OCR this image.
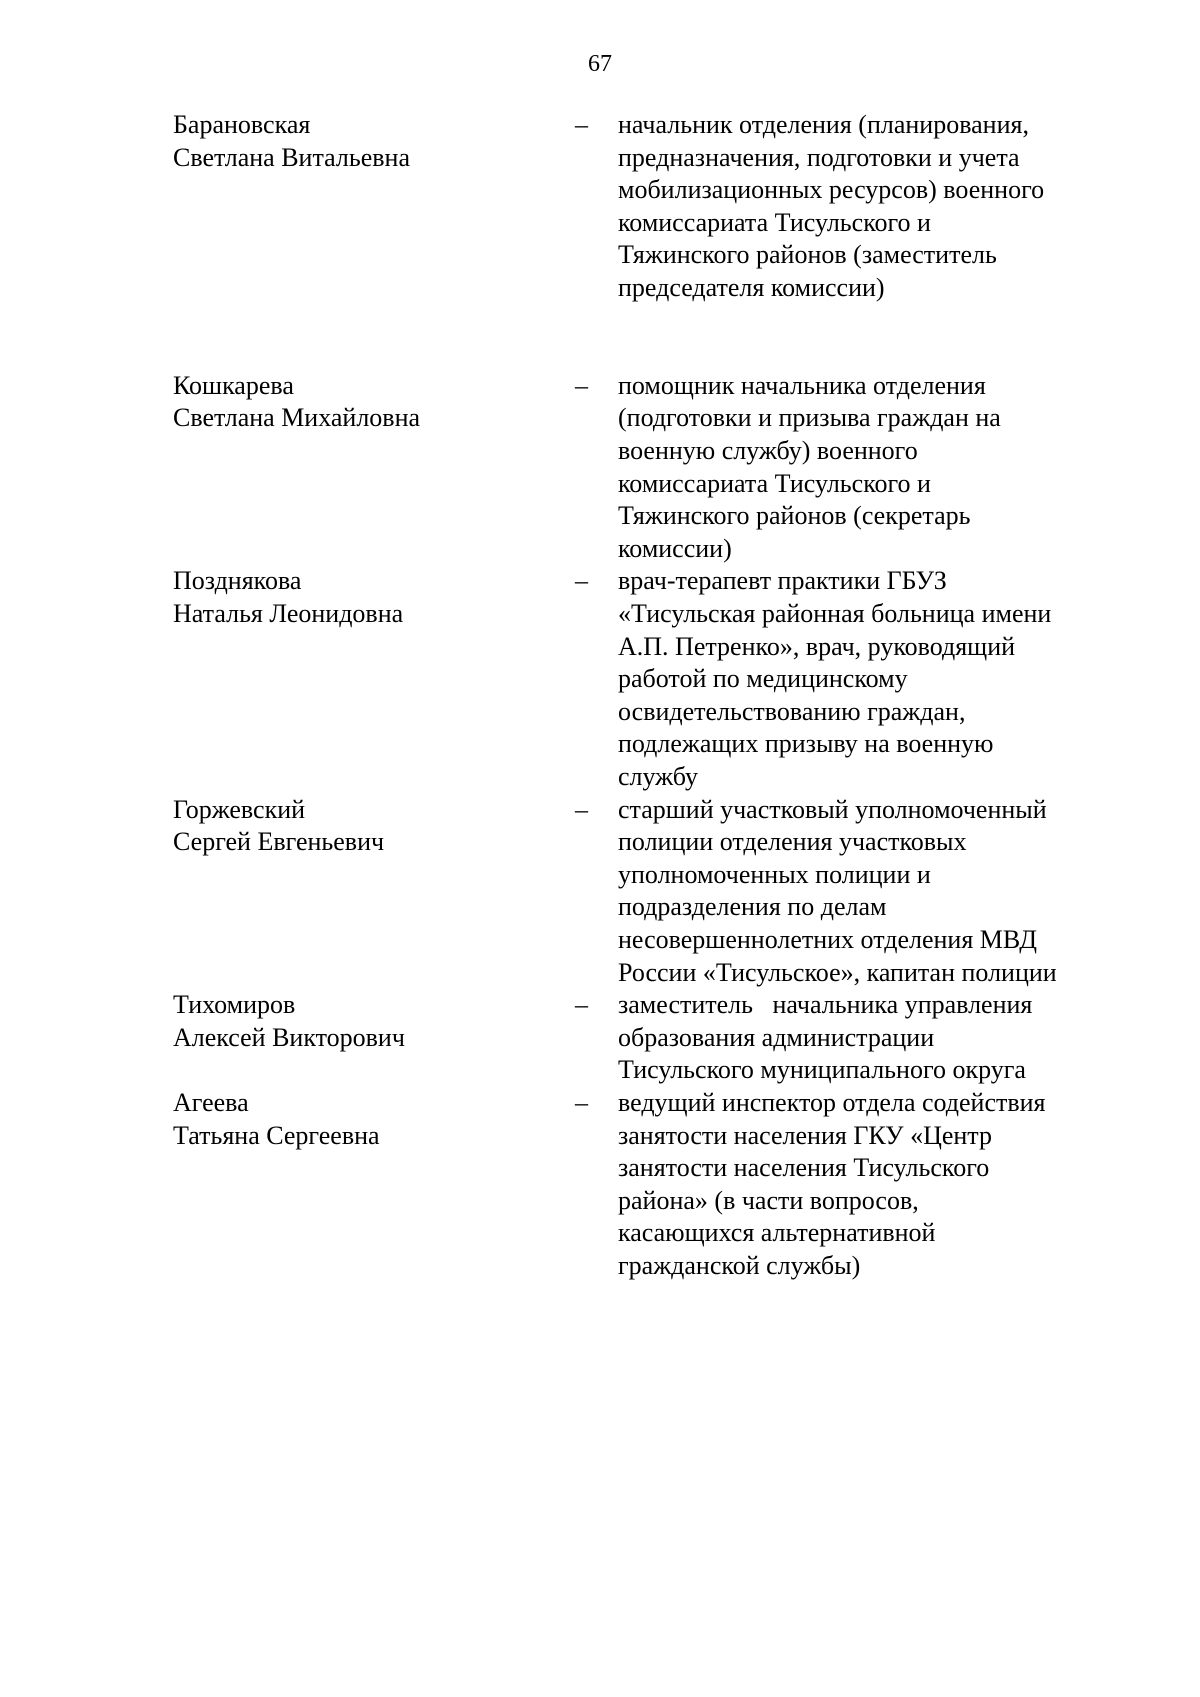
67
Барановская
Светлана Витальевна
– начальник отделения (планирования,
предназначения, подготовки и учета
мобилизационных ресурсов) военного
комиссариата Тисульского и
Тяжинского районов (заместитель
председателя комиссии)
Кошкарева
Светлана Михайловна
– помощник начальника отделения
(подготовки и призыва граждан на
военную службу) военного
комиссариата Тисульского и
Тяжинского районов (секретарь
комиссии)
Позднякова
Наталья Леонидовна
– врач-терапевт практики ГБУЗ
«Тисульская районная больница имени
А.П. Петренко», врач, руководящий
работой по медицинскому
освидетельствованию граждан,
подлежащих призыву на военную
службу
Горжевский
Сергей Евгеньевич
– старший участковый уполномоченный
полиции отделения участковых
уполномоченных полиции и
подразделения по делам
несовершеннолетних отделения МВД
России «Тисульское», капитан полиции
Тихомиров
Алексей Викторович
– заместитель   начальника управления
образования администрации
Тисульского муниципального округа
Агеева
Татьяна Сергеевна
– ведущий инспектор отдела содействия
занятости населения ГКУ «Центр
занятости населения Тисульского
района» (в части вопросов,
касающихся альтернативной
гражданской службы)
